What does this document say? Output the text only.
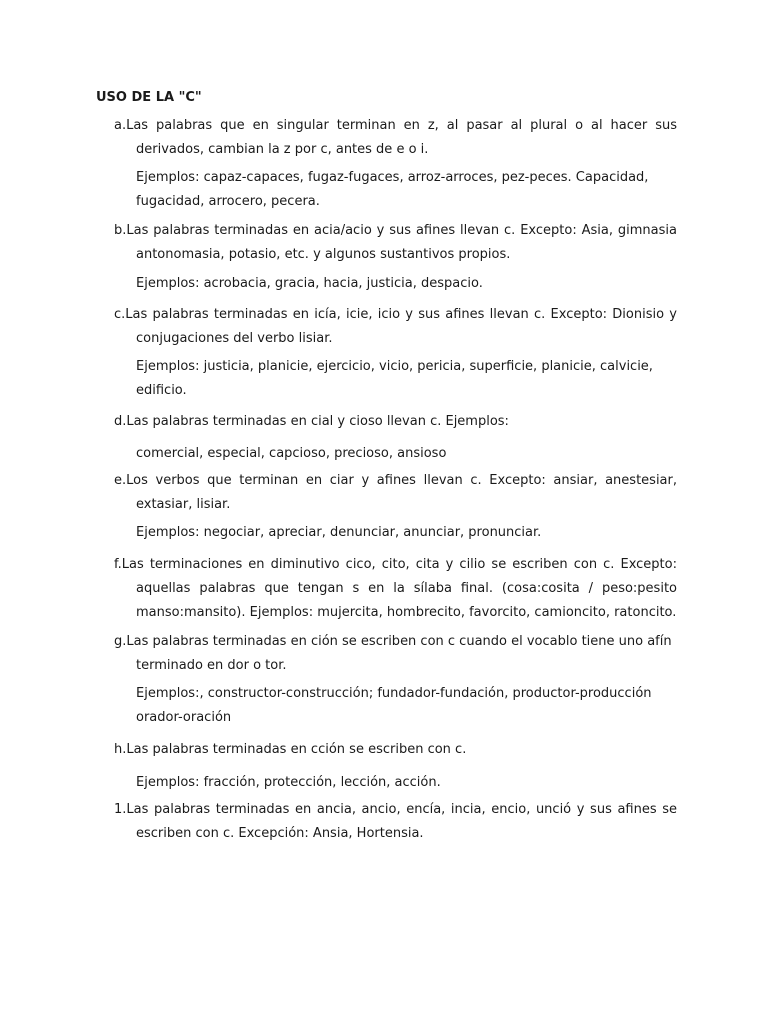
USO DE LA "C"
a.Las palabras que en singular terminan en z, al pasar al plural o al hacer sus derivados, cambian la z por c, antes de e o i.
Ejemplos: capaz-capaces, fugaz-fugaces, arroz-arroces, pez-peces. Capacidad, fugacidad, arrocero, pecera.
b.Las palabras terminadas en acia/acio y sus afines llevan c. Excepto: Asia, gimnasia antonomasia, potasio, etc. y algunos sustantivos propios.
Ejemplos: acrobacia, gracia, hacia, justicia, despacio.
c.Las palabras terminadas en icía, icie, icio y sus afines llevan c. Excepto: Dionisio y conjugaciones del verbo lisiar.
Ejemplos: justicia, planicie, ejercicio, vicio, pericia, superficie, planicie, calvicie, edificio.
d.Las palabras terminadas en cial y cioso llevan c. Ejemplos:
comercial, especial, capcioso, precioso, ansioso
e.Los verbos que terminan en ciar y afines llevan c. Excepto: ansiar, anestesiar, extasiar, lisiar.
Ejemplos: negociar, apreciar, denunciar, anunciar, pronunciar.
f.Las terminaciones en diminutivo cico, cito, cita y cilio se escriben con c. Excepto: aquellas palabras que tengan s en la sílaba final. (cosa:cosita / peso:pesito manso:mansito). Ejemplos: mujercita, hombrecito, favorcito, camioncito, ratoncito.
g.Las palabras terminadas en ción se escriben con c cuando el vocablo tiene uno afín terminado en dor o tor.
Ejemplos:, constructor-construcción; fundador-fundación, productor-producción orador-oración
h.Las palabras terminadas en cción se escriben con c.
Ejemplos: fracción, protección, lección, acción.
1.Las palabras terminadas en ancia, ancio, encía, incia, encio, unció y sus afines se escriben con c. Excepción: Ansia, Hortensia.
